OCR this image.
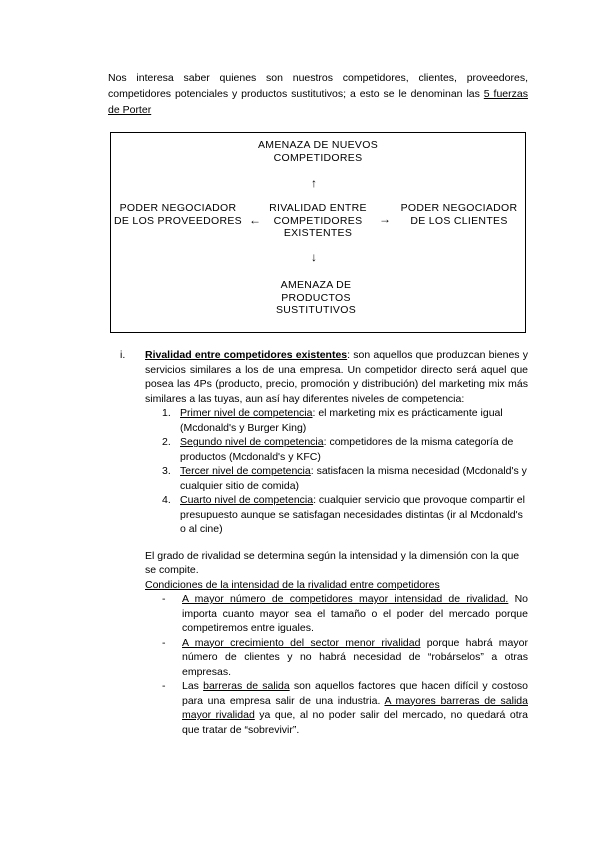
Nos interesa saber quienes son nuestros competidores, clientes, proveedores, competidores potenciales y productos sustitutivos; a esto se le denominan las 5 fuerzas de Porter
AMENAZA DE NUEVOS
COMPETIDORES
↑
PODER NEGOCIADOR
DE LOS PROVEEDORES ←
RIVALIDAD ENTRE
COMPETIDORES
EXISTENTES
→
PODER NEGOCIADOR
DE LOS CLIENTES
↓
AMENAZA DE
PRODUCTOS
SUSTITUTIVOS
i. Rivalidad entre competidores existentes: son aquellos que produzcan bienes y servicios similares a los de una empresa. Un competidor directo será aquel que posea las 4Ps (producto, precio, promoción y distribución) del marketing mix más similares a las tuyas, aun así hay diferentes niveles de competencia:
1. Primer nivel de competencia: el marketing mix es prácticamente igual (Mcdonald's y Burger King)
2. Segundo nivel de competencia: competidores de la misma categoría de productos (Mcdonald's y KFC)
3. Tercer nivel de competencia: satisfacen la misma necesidad (Mcdonald's y cualquier sitio de comida)
4. Cuarto nivel de competencia: cualquier servicio que provoque compartir el presupuesto aunque se satisfagan necesidades distintas (ir al Mcdonald's o al cine)
El grado de rivalidad se determina según la intensidad y la dimensión con la que se compite.
Condiciones de la intensidad de la rivalidad entre competidores
- A mayor número de competidores mayor intensidad de rivalidad. No importa cuanto mayor sea el tamaño o el poder del mercado porque competiremos entre iguales.
- A mayor crecimiento del sector menor rivalidad porque habrá mayor número de clientes y no habrá necesidad de “robárselos” a otras empresas.
- Las barreras de salida son aquellos factores que hacen difícil y costoso para una empresa salir de una industria. A mayores barreras de salida mayor rivalidad ya que, al no poder salir del mercado, no quedará otra que tratar de “sobrevivir”.
